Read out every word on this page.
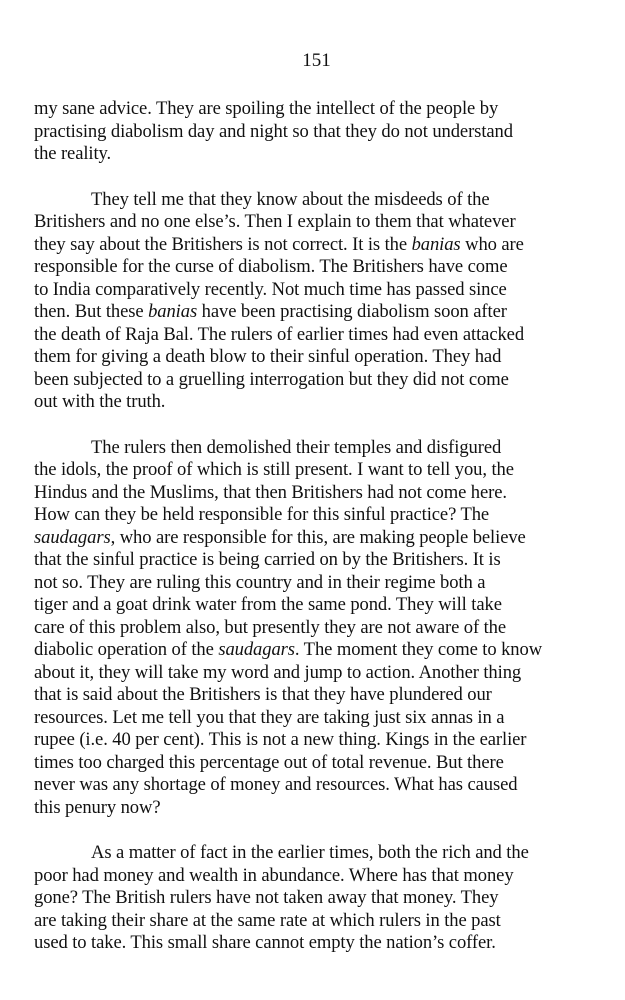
151

my sane advice. They are spoiling the intellect of the people by
practising diabolism day and night so that they do not understand
the reality.

They tell me that they know about the misdeeds of the
Britishers and no one else’s. Then I explain to them that whatever
they say about the Britishers is not correct. It is the banias who are
responsible for the curse of diabolism. The Britishers have come
to India comparatively recently. Not much time has passed since
then. But these banias have been practising diabolism soon after
the death of Raja Bal. The rulers of earlier times had even attacked
them for giving a death blow to their sinful operation. They had
been subjected to a gruelling interrogation but they did not come
out with the truth.

The rulers then demolished their temples and disfigured
the idols, the proof of which is still present. I want to tell you, the
Hindus and the Muslims, that then Britishers had not come here.
How can they be held responsible for this sinful practice? The
saudagars, who are responsible for this, are making people believe
that the sinful practice is being carried on by the Britishers. It is
not so. They are ruling this country and in their regime both a
tiger and a goat drink water from the same pond. They will take
care of this problem also, but presently they are not aware of the
diabolic operation of the saudagars. The moment they come to know
about it, they will take my word and jump to action. Another thing
that is said about the Britishers is that they have plundered our
resources. Let me tell you that they are taking just six annas in a
rupee (i.e. 40 per cent). This is not a new thing. Kings in the earlier
times too charged this percentage out of total revenue. But there
never was any shortage of money and resources. What has caused
this penury now?

As a matter of fact in the earlier times, both the rich and the
poor had money and wealth in abundance. Where has that money
gone? The British rulers have not taken away that money. They
are taking their share at the same rate at which rulers in the past
used to take. This small share cannot empty the nation’s coffer.
